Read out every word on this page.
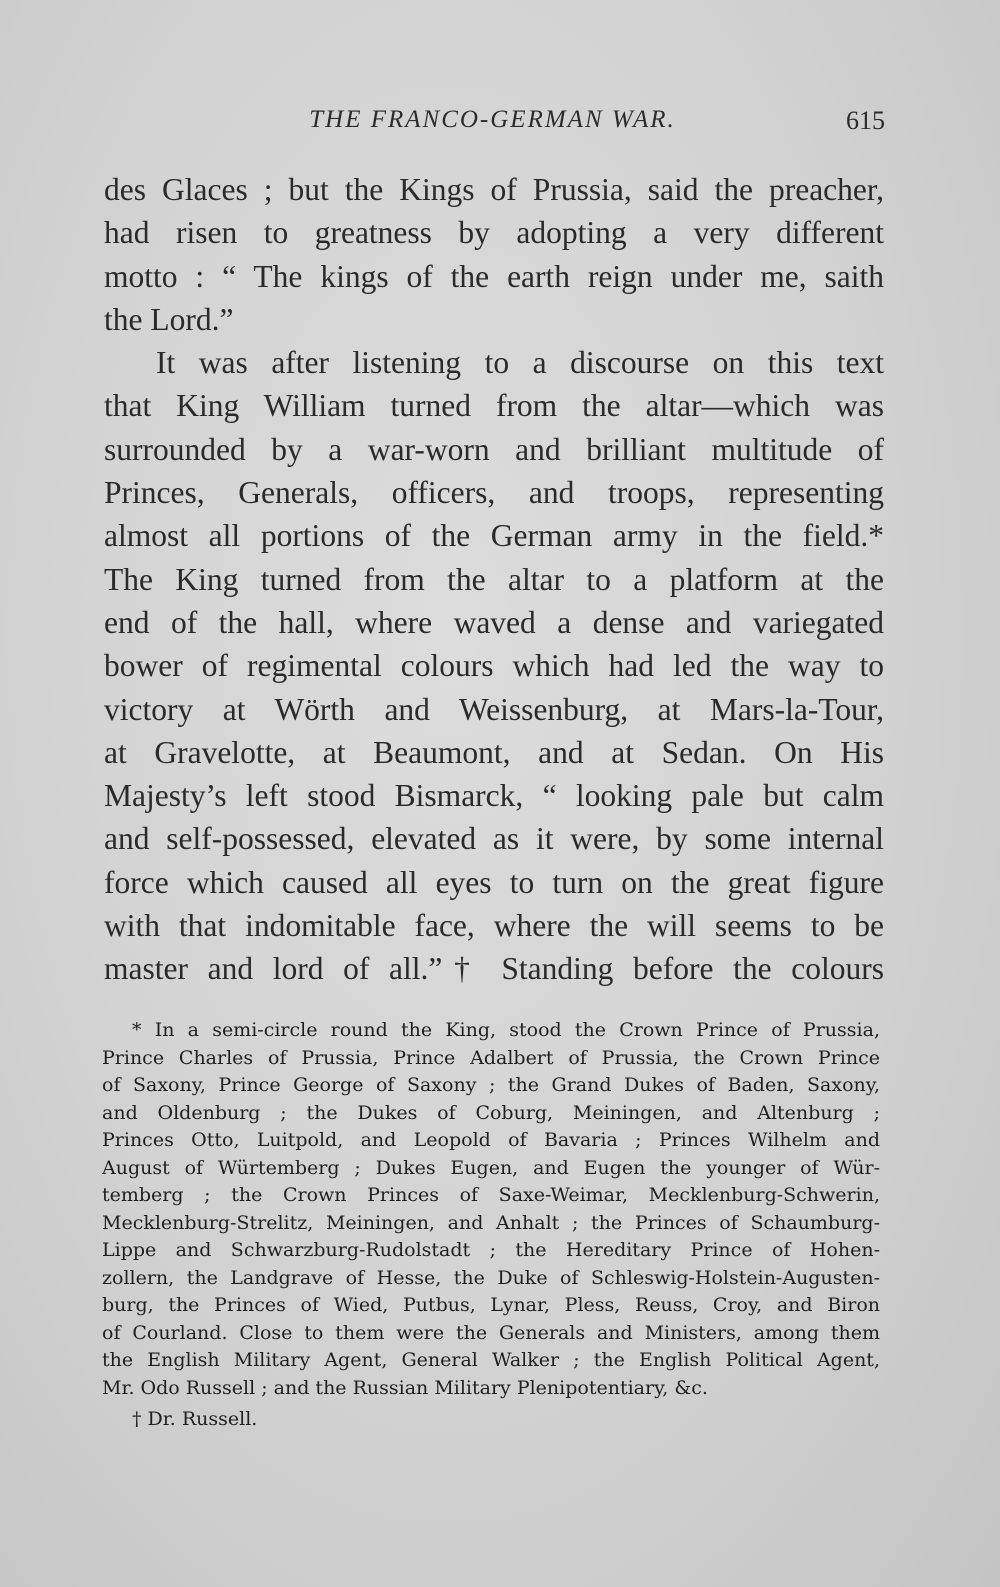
THE FRANCO-GERMAN WAR.	615
des Glaces ; but the Kings of Prussia, said the preacher,
had risen to greatness by adopting a very different
motto : “ The kings of the earth reign under me, saith
the Lord.”
It was after listening to a discourse on this text
that King William turned from the altar—which was
surrounded by a war-worn and brilliant multitude of
Princes, Generals, officers, and troops, representing
almost all portions of the German army in the field.*
The King turned from the altar to a platform at the
end of the hall, where waved a dense and variegated
bower of regimental colours which had led the way to
victory at Wörth and Weissenburg, at Mars-la-Tour,
at Gravelotte, at Beaumont, and at Sedan. On His
Majesty’s left stood Bismarck, “ looking pale but calm
and self-possessed, elevated as it were, by some internal
force which caused all eyes to turn on the great figure
with that indomitable face, where the will seems to be
master and lord of all.”† Standing before the colours
* In a semi-circle round the King, stood the Crown Prince of Prussia,
Prince Charles of Prussia, Prince Adalbert of Prussia, the Crown Prince
of Saxony, Prince George of Saxony ; the Grand Dukes of Baden, Saxony,
and Oldenburg ; the Dukes of Coburg, Meiningen, and Altenburg ;
Princes Otto, Luitpold, and Leopold of Bavaria ; Princes Wilhelm and
August of Würtemberg ; Dukes Eugen, and Eugen the younger of Wür-
temberg ; the Crown Princes of Saxe-Weimar, Mecklenburg-Schwerin,
Mecklenburg-Strelitz, Meiningen, and Anhalt ; the Princes of Schaumburg-
Lippe and Schwarzburg-Rudolstadt ; the Hereditary Prince of Hohen-
zollern, the Landgrave of Hesse, the Duke of Schleswig-Holstein-Augusten-
burg, the Princes of Wied, Putbus, Lynar, Pless, Reuss, Croy, and Biron
of Courland. Close to them were the Generals and Ministers, among them
the English Military Agent, General Walker ; the English Political Agent,
Mr. Odo Russell ; and the Russian Military Plenipotentiary, &c.
† Dr. Russell.
